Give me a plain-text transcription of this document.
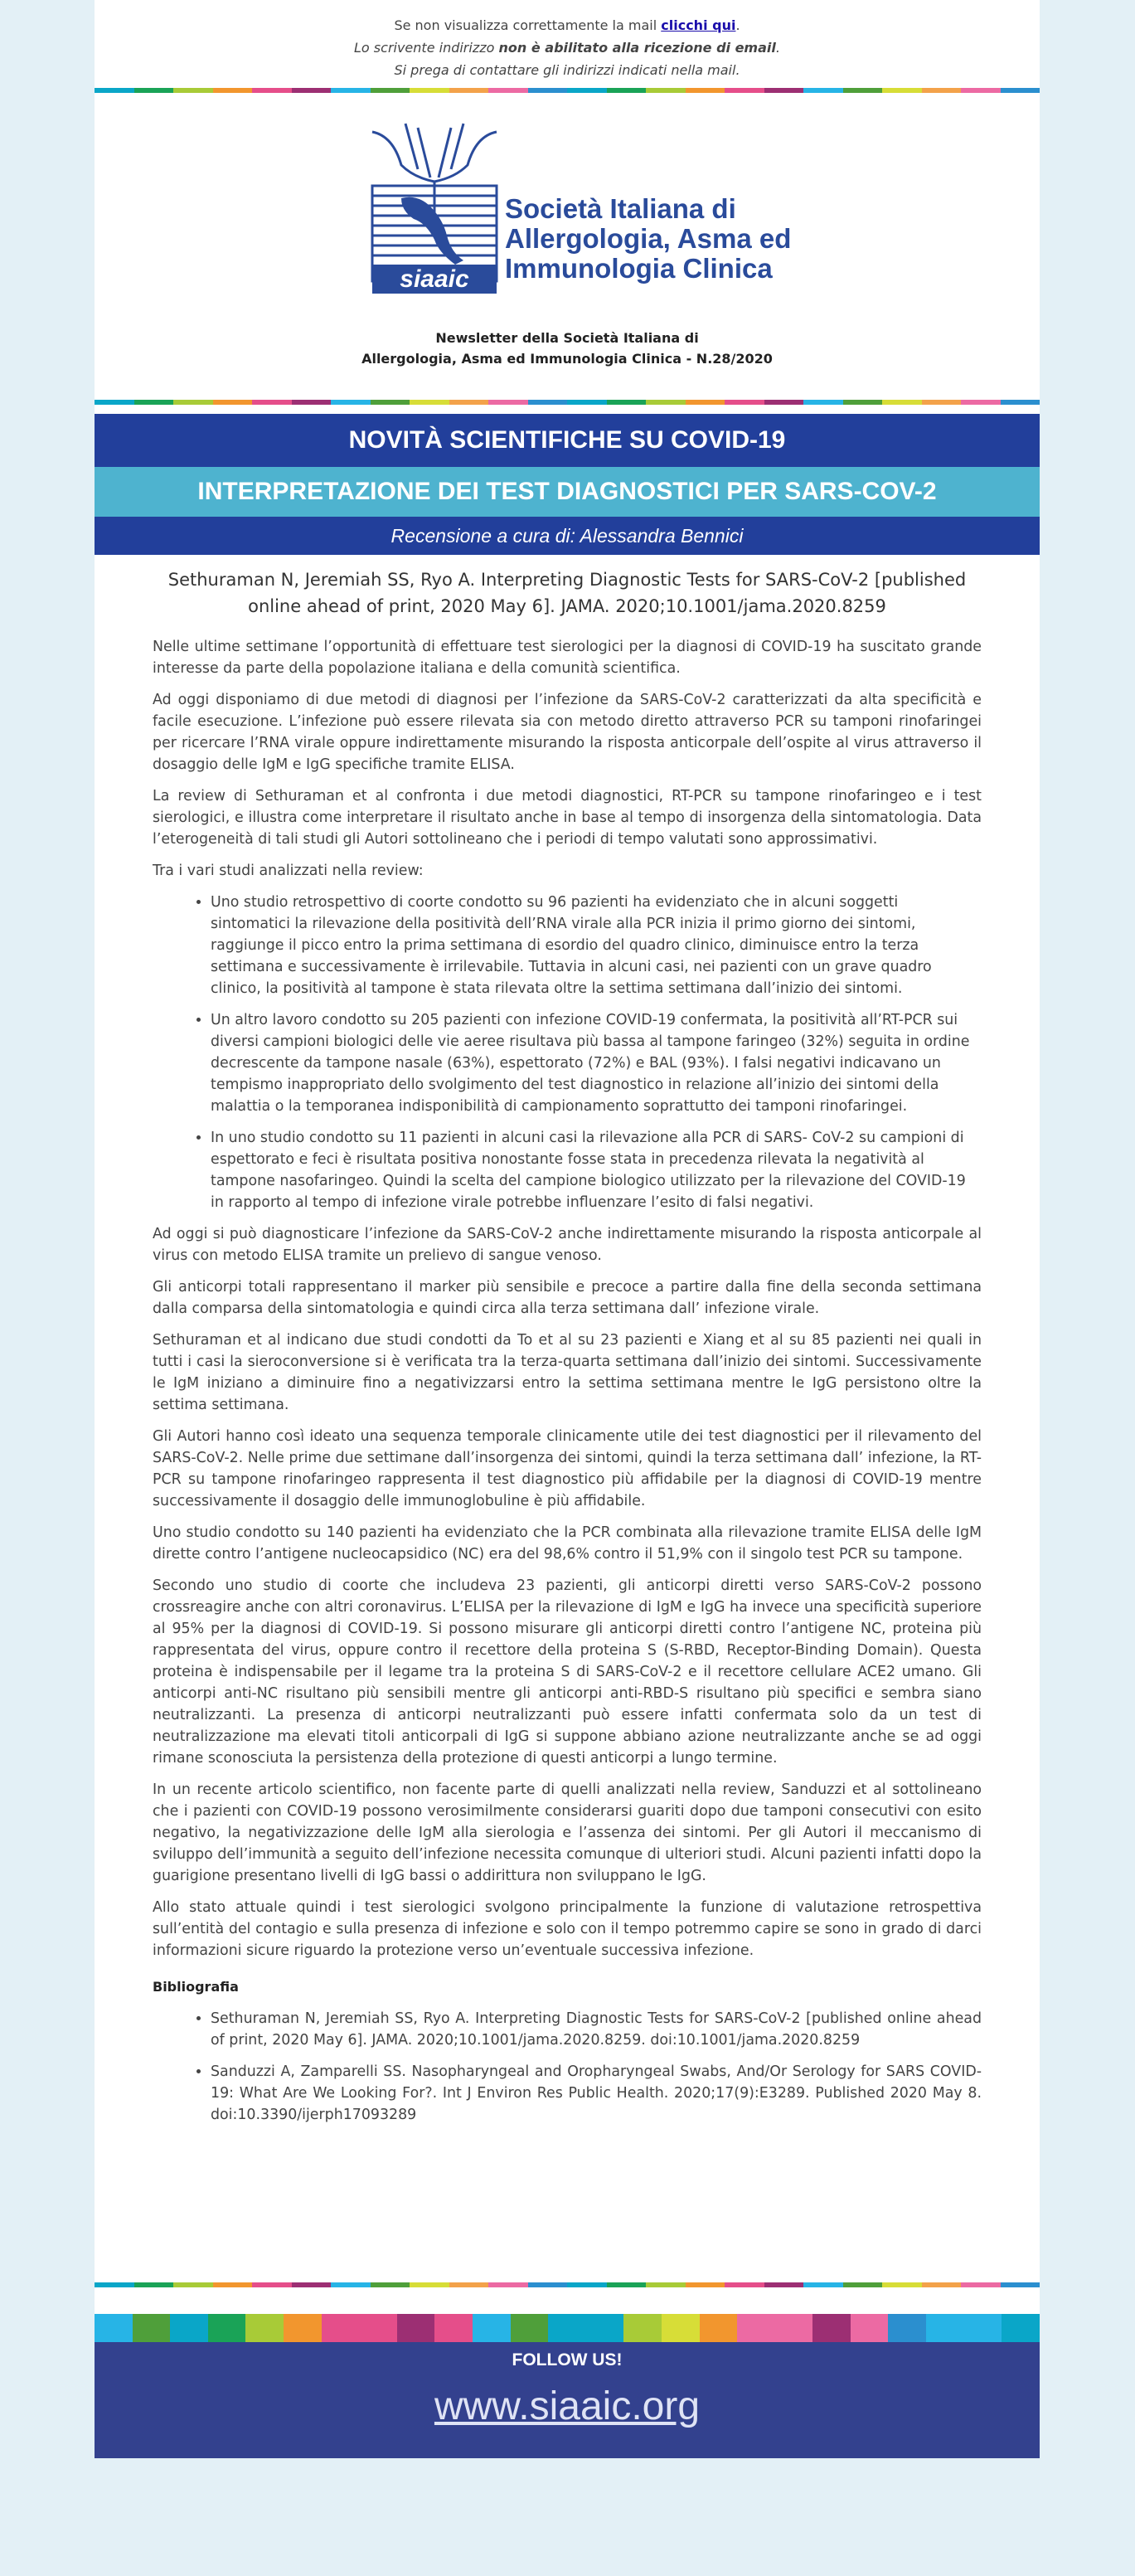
Se non visualizza correttamente la mail clicchi qui.
Lo scrivente indirizzo non è abilitato alla ricezione di email.
Si prega di contattare gli indirizzi indicati nella mail.
siaaic
Società Italiana di
Allergologia, Asma ed
Immunologia Clinica
Newsletter della Società Italiana di
Allergologia, Asma ed Immunologia Clinica - N.28/2020
NOVITÀ SCIENTIFICHE SU COVID-19
INTERPRETAZIONE DEI TEST DIAGNOSTICI PER SARS-COV-2
Recensione a cura di: Alessandra Bennici
Sethuraman N, Jeremiah SS, Ryo A. Interpreting Diagnostic Tests for SARS-CoV-2 [published online ahead of print, 2020 May 6]. JAMA. 2020;10.1001/jama.2020.8259

Nelle ultime settimane l’opportunità di effettuare test sierologici per la diagnosi di COVID-19 ha suscitato grande interesse da parte della popolazione italiana e della comunità scientifica.

Ad oggi disponiamo di due metodi di diagnosi per l’infezione da SARS-CoV-2 caratterizzati da alta specificità e facile esecuzione. L’infezione può essere rilevata sia con metodo diretto attraverso PCR su tamponi rinofaringei per ricercare l’RNA virale oppure indirettamente misurando la risposta anticorpale dell’ospite al virus attraverso il dosaggio delle IgM e IgG specifiche tramite ELISA.

La review di Sethuraman et al confronta i due metodi diagnostici, RT-PCR su tampone rinofaringeo e i test sierologici, e illustra come interpretare il risultato anche in base al tempo di insorgenza della sintomatologia. Data l’eterogeneità di tali studi gli Autori sottolineano che i periodi di tempo valutati sono approssimativi.

Tra i vari studi analizzati nella review:

• Uno studio retrospettivo di coorte condotto su 96 pazienti ha evidenziato che in alcuni soggetti sintomatici la rilevazione della positività dell’RNA virale alla PCR inizia il primo giorno dei sintomi, raggiunge il picco entro la prima settimana di esordio del quadro clinico, diminuisce entro la terza settimana e successivamente è irrilevabile. Tuttavia in alcuni casi, nei pazienti con un grave quadro clinico, la positività al tampone è stata rilevata oltre la settima settimana dall’inizio dei sintomi.
• Un altro lavoro condotto su 205 pazienti con infezione COVID-19 confermata, la positività all’RT-PCR sui diversi campioni biologici delle vie aeree risultava più bassa al tampone faringeo (32%) seguita in ordine decrescente da tampone nasale (63%), espettorato (72%) e BAL (93%). I falsi negativi indicavano un tempismo inappropriato dello svolgimento del test diagnostico in relazione all’inizio dei sintomi della malattia o la temporanea indisponibilità di campionamento soprattutto dei tamponi rinofaringei.
• In uno studio condotto su 11 pazienti in alcuni casi la rilevazione alla PCR di SARS- CoV-2 su campioni di espettorato e feci è risultata positiva nonostante fosse stata in precedenza rilevata la negatività al tampone nasofaringeo. Quindi la scelta del campione biologico utilizzato per la rilevazione del COVID-19 in rapporto al tempo di infezione virale potrebbe influenzare l’esito di falsi negativi.

Ad oggi si può diagnosticare l’infezione da SARS-CoV-2 anche indirettamente misurando la risposta anticorpale al virus con metodo ELISA tramite un prelievo di sangue venoso.

Gli anticorpi totali rappresentano il marker più sensibile e precoce a partire dalla fine della seconda settimana dalla comparsa della sintomatologia e quindi circa alla terza settimana dall’ infezione virale.

Sethuraman et al indicano due studi condotti da To et al su 23 pazienti e Xiang et al su 85 pazienti nei quali in tutti i casi la sieroconversione si è verificata tra la terza-quarta settimana dall’inizio dei sintomi. Successivamente le IgM iniziano a diminuire fino a negativizzarsi entro la settima settimana mentre le IgG persistono oltre la settima settimana.

Gli Autori hanno così ideato una sequenza temporale clinicamente utile dei test diagnostici per il rilevamento del SARS-CoV-2. Nelle prime due settimane dall’insorgenza dei sintomi, quindi la terza settimana dall’ infezione, la RT-PCR su tampone rinofaringeo rappresenta il test diagnostico più affidabile per la diagnosi di COVID-19 mentre successivamente il dosaggio delle immunoglobuline è più affidabile.

Uno studio condotto su 140 pazienti ha evidenziato che la PCR combinata alla rilevazione tramite ELISA delle IgM dirette contro l’antigene nucleocapsidico (NC) era del 98,6% contro il 51,9% con il singolo test PCR su tampone.

Secondo uno studio di coorte che includeva 23 pazienti, gli anticorpi diretti verso SARS-CoV-2 possono crossreagire anche con altri coronavirus. L’ELISA per la rilevazione di IgM e IgG ha invece una specificità superiore al 95% per la diagnosi di COVID-19. Si possono misurare gli anticorpi diretti contro l’antigene NC, proteina più rappresentata del virus, oppure contro il recettore della proteina S (S-RBD, Receptor-Binding Domain). Questa proteina è indispensabile per il legame tra la proteina S di SARS-CoV-2 e il recettore cellulare ACE2 umano. Gli anticorpi anti-NC risultano più sensibili mentre gli anticorpi anti-RBD-S risultano più specifici e sembra siano neutralizzanti. La presenza di anticorpi neutralizzanti può essere infatti confermata solo da un test di neutralizzazione ma elevati titoli anticorpali di IgG si suppone abbiano azione neutralizzante anche se ad oggi rimane sconosciuta la persistenza della protezione di questi anticorpi a lungo termine.

In un recente articolo scientifico, non facente parte di quelli analizzati nella review, Sanduzzi et al sottolineano che i pazienti con COVID-19 possono verosimilmente considerarsi guariti dopo due tamponi consecutivi con esito negativo, la negativizzazione delle IgM alla sierologia e l’assenza dei sintomi. Per gli Autori il meccanismo di sviluppo dell’immunità a seguito dell’infezione necessita comunque di ulteriori studi. Alcuni pazienti infatti dopo la guarigione presentano livelli di IgG bassi o addirittura non sviluppano le IgG.

Allo stato attuale quindi i test sierologici svolgono principalmente la funzione di valutazione retrospettiva sull’entità del contagio e sulla presenza di infezione e solo con il tempo potremmo capire se sono in grado di darci informazioni sicure riguardo la protezione verso un’eventuale successiva infezione.

Bibliografia
• Sethuraman N, Jeremiah SS, Ryo A. Interpreting Diagnostic Tests for SARS-CoV-2 [published online ahead of print, 2020 May 6]. JAMA. 2020;10.1001/jama.2020.8259. doi:10.1001/jama.2020.8259
• Sanduzzi A, Zamparelli SS. Nasopharyngeal and Oropharyngeal Swabs, And/Or Serology for SARS COVID-19: What Are We Looking For?. Int J Environ Res Public Health. 2020;17(9):E3289. Published 2020 May 8. doi:10.3390/ijerph17093289
FOLLOW US!
www.siaaic.org
